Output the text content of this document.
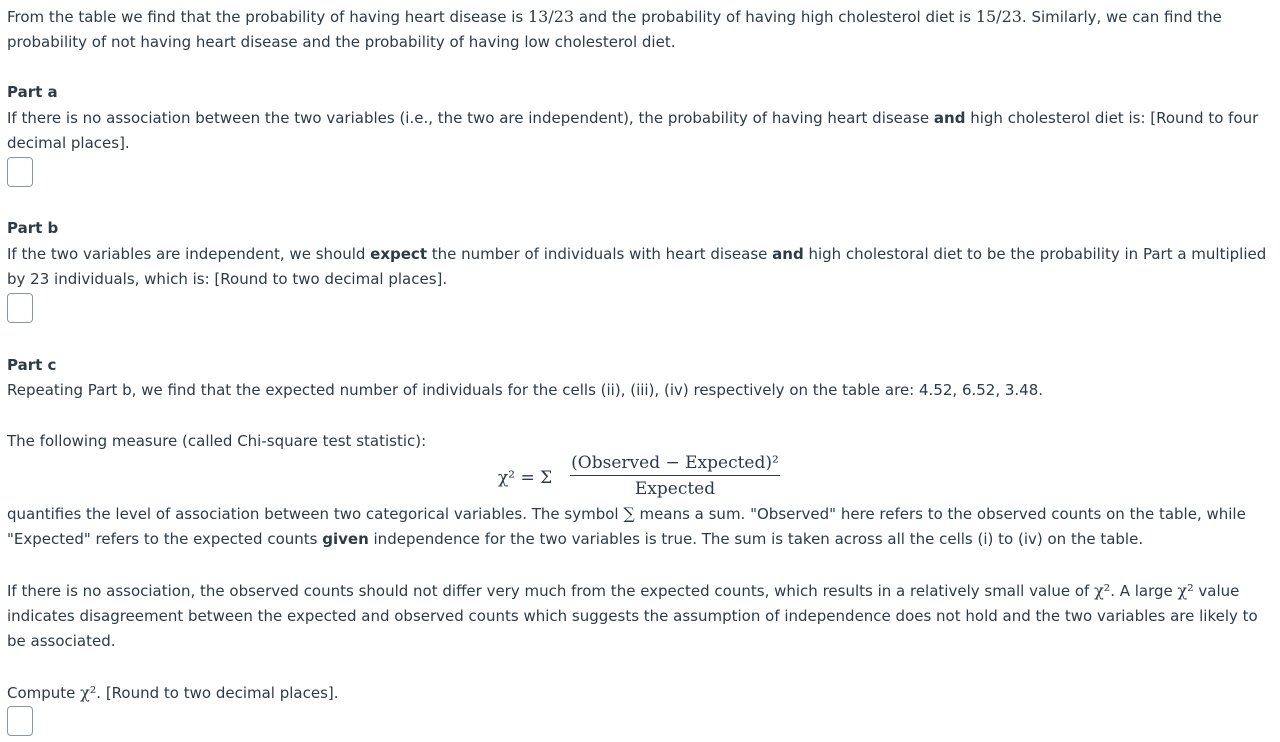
From the table we find that the probability of having heart disease is 13/23 and the probability of having high cholesterol diet is 15/23. Similarly, we can find the probability of not having heart disease and the probability of having low cholesterol diet.

Part a

If there is no association between the two variables (i.e., the two are independent), the probability of having heart disease and high cholesterol diet is: [Round to four decimal places].

Part b

If the two variables are independent, we should expect the number of individuals with heart disease and high cholestoral diet to be the probability in Part a multiplied by 23 individuals, which is: [Round to two decimal places].

Part c

Repeating Part b, we find that the expected number of individuals for the cells (ii), (iii), (iv) respectively on the table are: 4.52, 6.52, 3.48.

The following measure (called Chi-square test statistic):

χ² = Σ
(Observed − Expected)²
Expected

quantifies the level of association between two categorical variables. The symbol ∑ means a sum. "Observed" here refers to the observed counts on the table, while "Expected" refers to the expected counts given independence for the two variables is true. The sum is taken across all the cells (i) to (iv) on the table.

If there is no association, the observed counts should not differ very much from the expected counts, which results in a relatively small value of χ². A large χ² value indicates disagreement between the expected and observed counts which suggests the assumption of independence does not hold and the two variables are likely to be associated.

Compute χ². [Round to two decimal places].
